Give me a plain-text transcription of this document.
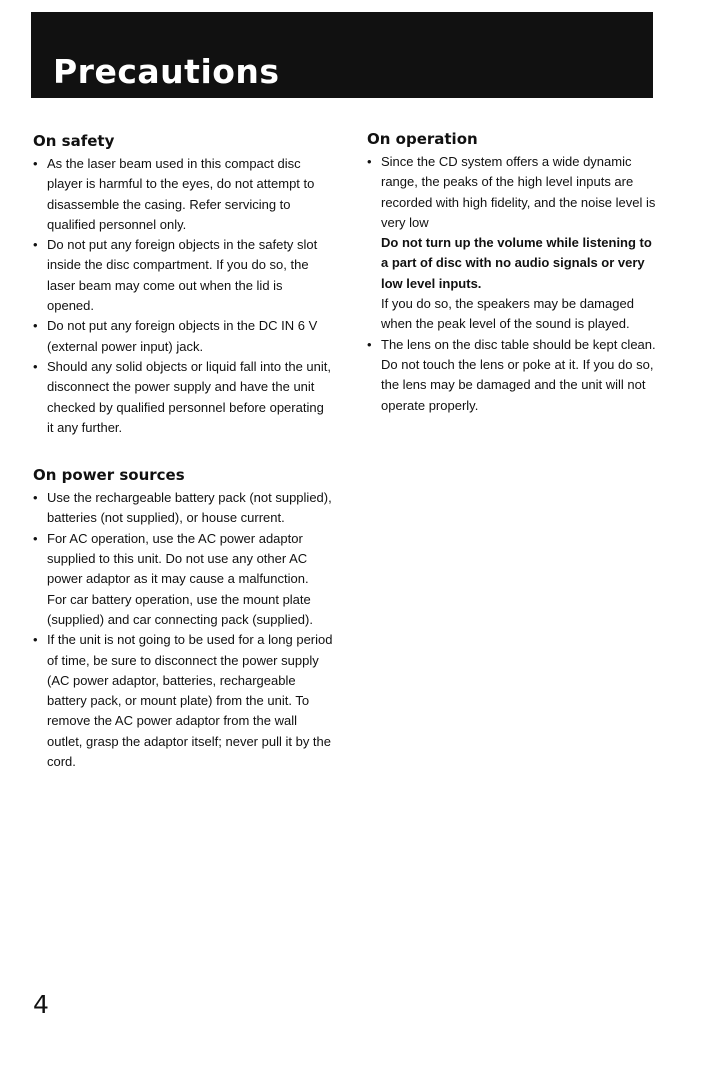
Precautions
On safety
• As the laser beam used in this compact disc player is harmful to the eyes, do not attempt to disassemble the casing. Refer servicing to qualified personnel only.
• Do not put any foreign objects in the safety slot inside the disc compartment. If you do so, the laser beam may come out when the lid is opened.
• Do not put any foreign objects in the DC IN 6 V (external power input) jack.
• Should any solid objects or liquid fall into the unit, disconnect the power supply and have the unit checked by qualified personnel before operating it any further.
On power sources
• Use the rechargeable battery pack (not supplied), batteries (not supplied), or house current.
• For AC operation, use the AC power adaptor supplied to this unit. Do not use any other AC power adaptor as it may cause a malfunction.
For car battery operation, use the mount plate (supplied) and car connecting pack (supplied).
• If the unit is not going to be used for a long period of time, be sure to disconnect the power supply (AC power adaptor, batteries, rechargeable battery pack, or mount plate) from the unit. To remove the AC power adaptor from the wall outlet, grasp the adaptor itself; never pull it by the cord.
On operation
• Since the CD system offers a wide dynamic range, the peaks of the high level inputs are recorded with high fidelity, and the noise level is very low
Do not turn up the volume while listening to a part of disc with no audio signals or very low level inputs.
If you do so, the speakers may be damaged when the peak level of the sound is played.
• The lens on the disc table should be kept clean. Do not touch the lens or poke at it. If you do so, the lens may be damaged and the unit will not operate properly.
4
